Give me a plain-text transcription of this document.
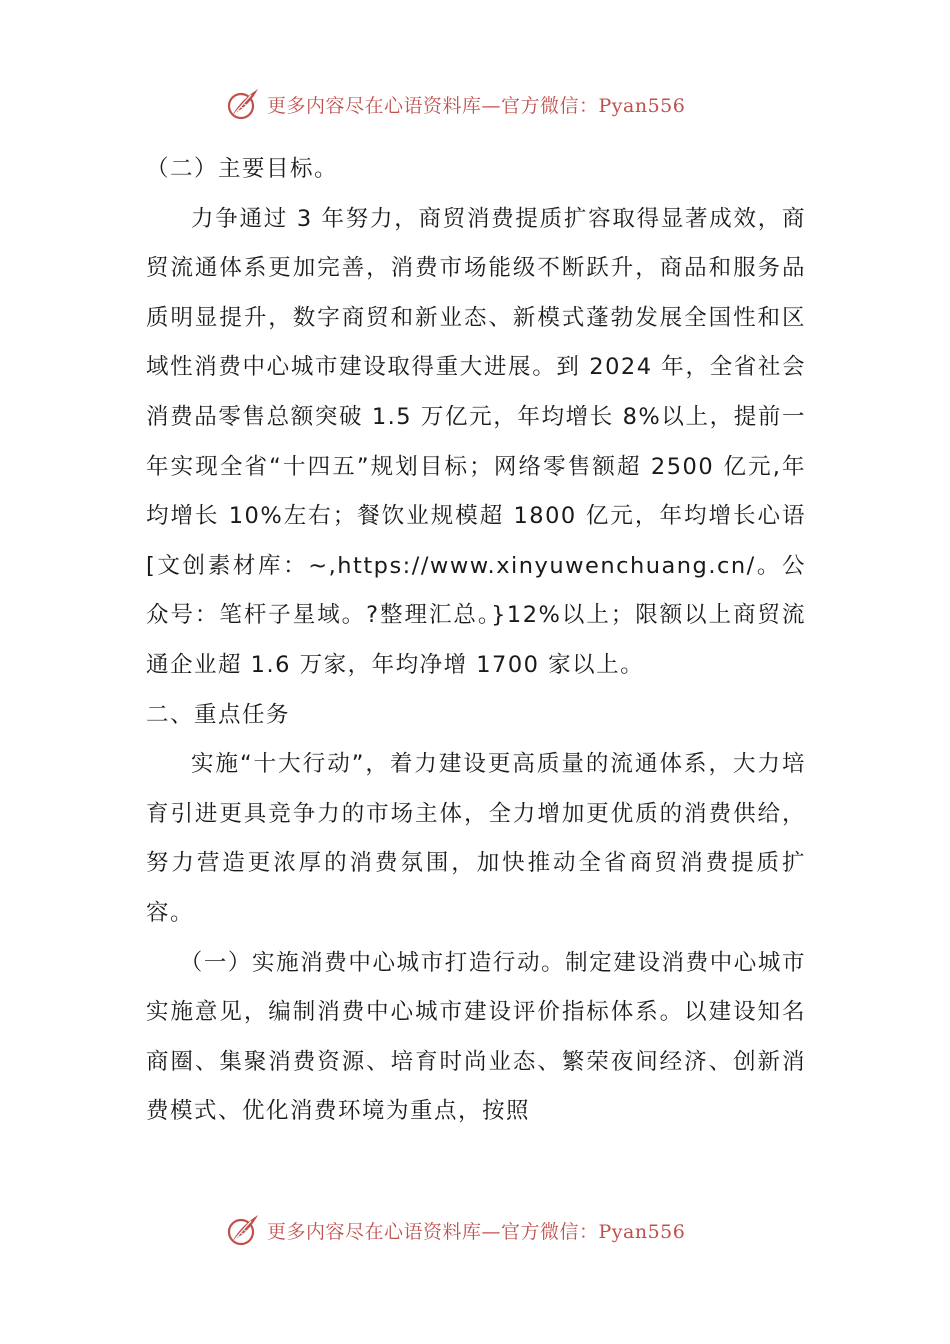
更多内容尽在心语资料库—官方微信：Pyan556

（二）主要目标。

力争通过 3 年努力，商贸消费提质扩容取得显著成效，商贸流通体系更加完善，消费市场能级不断跃升，商品和服务品质明显提升，数字商贸和新业态、新模式蓬勃发展全国性和区域性消费中心城市建设取得重大进展。到 2024 年，全省社会消费品零售总额突破 1.5 万亿元，年均增长 8%以上，提前一年实现全省“十四五”规划目标；网络零售额超 2500 亿元,年均增长 10%左右；餐饮业规模超 1800 亿元，年均增长心语[文创素材库：~,https://www.xinyuwenchuang.cn/。公众号：笔杆子星域。?整理汇总。}12%以上；限额以上商贸流通企业超 1.6 万家，年均净增 1700 家以上。

二、重点任务

实施“十大行动”，着力建设更高质量的流通体系，大力培育引进更具竞争力的市场主体，全力增加更优质的消费供给，努力营造更浓厚的消费氛围，加快推动全省商贸消费提质扩容。

（一）实施消费中心城市打造行动。制定建设消费中心城市实施意见，编制消费中心城市建设评价指标体系。以建设知名商圈、集聚消费资源、培育时尚业态、繁荣夜间经济、创新消费模式、优化消费环境为重点，按照

更多内容尽在心语资料库—官方微信：Pyan556
